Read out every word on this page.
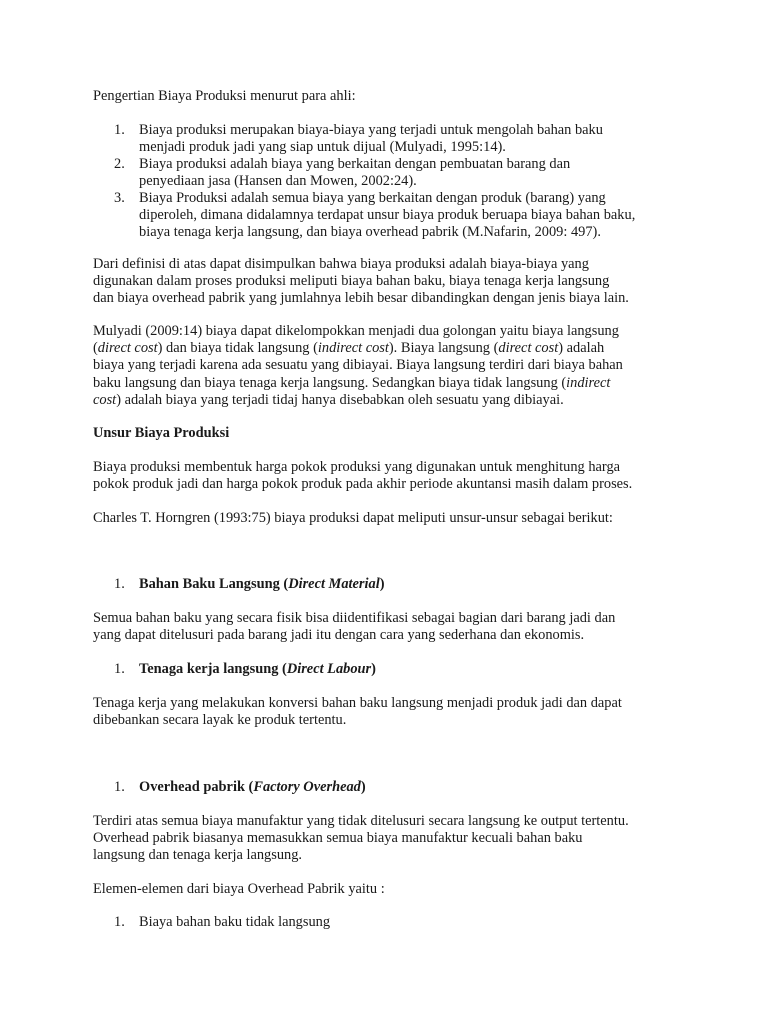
Pengertian Biaya Produksi menurut para ahli:

1. Biaya produksi merupakan biaya-biaya yang terjadi untuk mengolah bahan baku
menjadi produk jadi yang siap untuk dijual (Mulyadi, 1995:14).
2. Biaya produksi adalah biaya yang berkaitan dengan pembuatan barang dan
penyediaan jasa (Hansen dan Mowen, 2002:24).
3. Biaya Produksi adalah semua biaya yang berkaitan dengan produk (barang) yang
diperoleh, dimana didalamnya terdapat unsur biaya produk beruapa biaya bahan baku,
biaya tenaga kerja langsung, dan biaya overhead pabrik (M.Nafarin, 2009: 497).

Dari definisi di atas dapat disimpulkan bahwa biaya produksi adalah biaya-biaya yang
digunakan dalam proses produksi meliputi biaya bahan baku, biaya tenaga kerja langsung
dan biaya overhead pabrik yang jumlahnya lebih besar dibandingkan dengan jenis biaya lain.

Mulyadi (2009:14) biaya dapat dikelompokkan menjadi dua golongan yaitu biaya langsung
(direct cost) dan biaya tidak langsung (indirect cost). Biaya langsung (direct cost) adalah
biaya yang terjadi karena ada sesuatu yang dibiayai. Biaya langsung terdiri dari biaya bahan
baku langsung dan biaya tenaga kerja langsung. Sedangkan biaya tidak langsung (indirect
cost) adalah biaya yang terjadi tidaj hanya disebabkan oleh sesuatu yang dibiayai.

Unsur Biaya Produksi

Biaya produksi membentuk harga pokok produksi yang digunakan untuk menghitung harga
pokok produk jadi dan harga pokok produk pada akhir periode akuntansi masih dalam proses.

Charles T. Horngren (1993:75) biaya produksi dapat meliputi unsur-unsur sebagai berikut:

1. Bahan Baku Langsung (Direct Material)

Semua bahan baku yang secara fisik bisa diidentifikasi sebagai bagian dari barang jadi dan
yang dapat ditelusuri pada barang jadi itu dengan cara yang sederhana dan ekonomis.

1. Tenaga kerja langsung (Direct Labour)

Tenaga kerja yang melakukan konversi bahan baku langsung menjadi produk jadi dan dapat
dibebankan secara layak ke produk tertentu.

1. Overhead pabrik (Factory Overhead)

Terdiri atas semua biaya manufaktur yang tidak ditelusuri secara langsung ke output tertentu.
Overhead pabrik biasanya memasukkan semua biaya manufaktur kecuali bahan baku
langsung dan tenaga kerja langsung.

Elemen-elemen dari biaya Overhead Pabrik yaitu :

1. Biaya bahan baku tidak langsung
